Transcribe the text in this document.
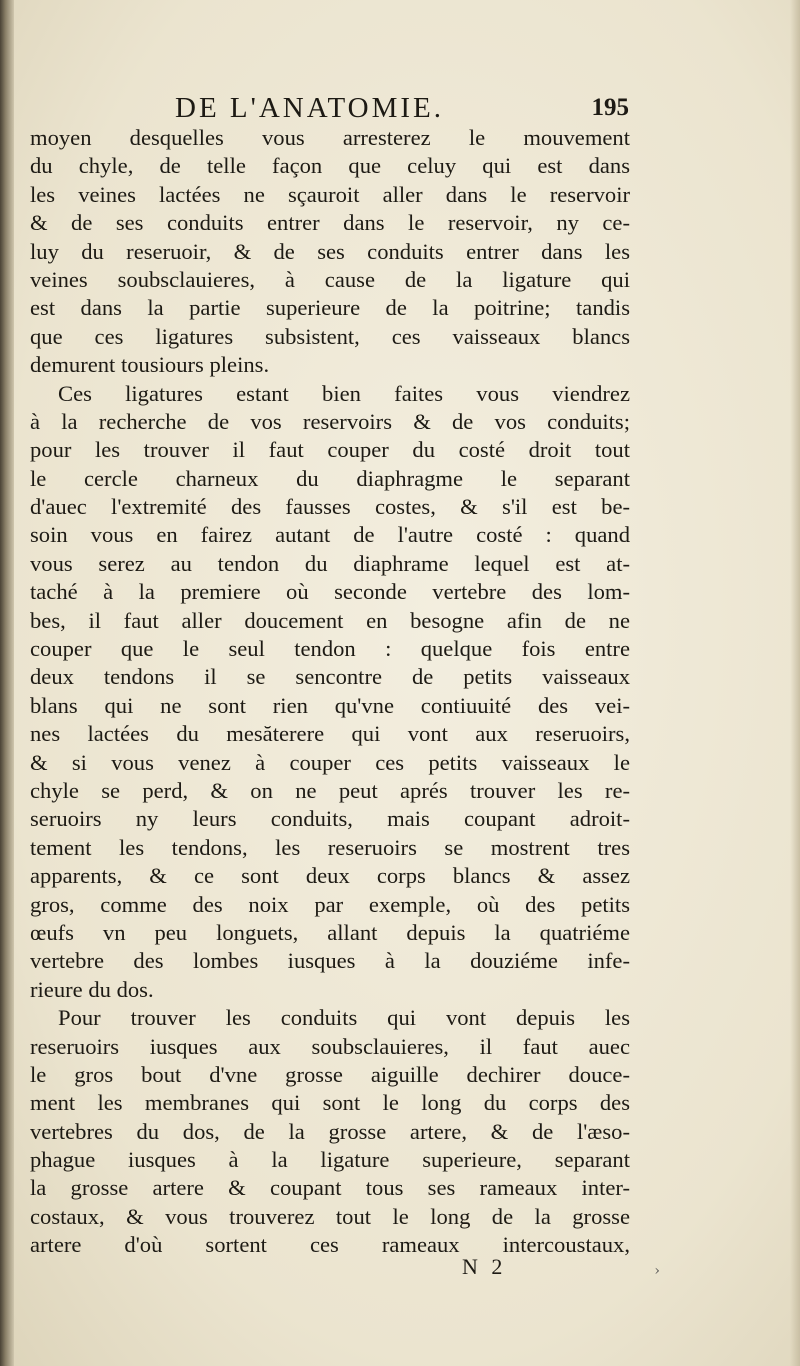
DE L'ANATOMIE.	195
moyen desquelles vous arresterez le mouvement
du chyle, de telle façon que celuy qui est dans
les veines lactées ne sçauroit aller dans le reservoir
& de ses conduits entrer dans le reservoir, ny ce-
luy du reseruoir, & de ses conduits entrer dans les
veines soubsclauieres, à cause de la ligature qui
est dans la partie superieure de la poitrine; tandis
que ces ligatures subsistent, ces vaisseaux blancs
demurent tousiours pleins.
Ces ligatures estant bien faites vous viendrez
à la recherche de vos reservoirs & de vos conduits;
pour les trouver il faut couper du costé droit tout
le cercle charneux du diaphragme le separant
d'auec l'extremité des fausses costes, & s'il est be-
soin vous en fairez autant de l'autre costé : quand
vous serez au tendon du diaphrame lequel est at-
taché à la premiere où seconde vertebre des lom-
bes, il faut aller doucement en besogne afin de ne
couper que le seul tendon : quelque fois entre
deux tendons il se sencontre de petits vaisseaux
blans qui ne sont rien qu'vne contiuuité des vei-
nes lactées du mesăterere qui vont aux reseruoirs,
& si vous venez à couper ces petits vaisseaux le
chyle se perd, & on ne peut aprés trouver les re-
seruoirs ny leurs conduits, mais coupant adroit-
tement les tendons, les reseruoirs se mostrent tres
apparents, & ce sont deux corps blancs & assez
gros, comme des noix par exemple, où des petits
œufs vn peu longuets, allant depuis la quatriéme
vertebre des lombes iusques à la douziéme infe-
rieure du dos.
Pour trouver les conduits qui vont depuis les
reseruoirs iusques aux soubsclauieres, il faut auec
le gros bout d'vne grosse aiguille dechirer douce-
ment les membranes qui sont le long du corps des
vertebres du dos, de la grosse artere, & de l'æso-
phague iusques à la ligature superieure, separant
la grosse artere & coupant tous ses rameaux inter-
costaux, & vous trouverez tout le long de la grosse
artere d'où sortent ces rameaux intercoustaux,
N 2	›
